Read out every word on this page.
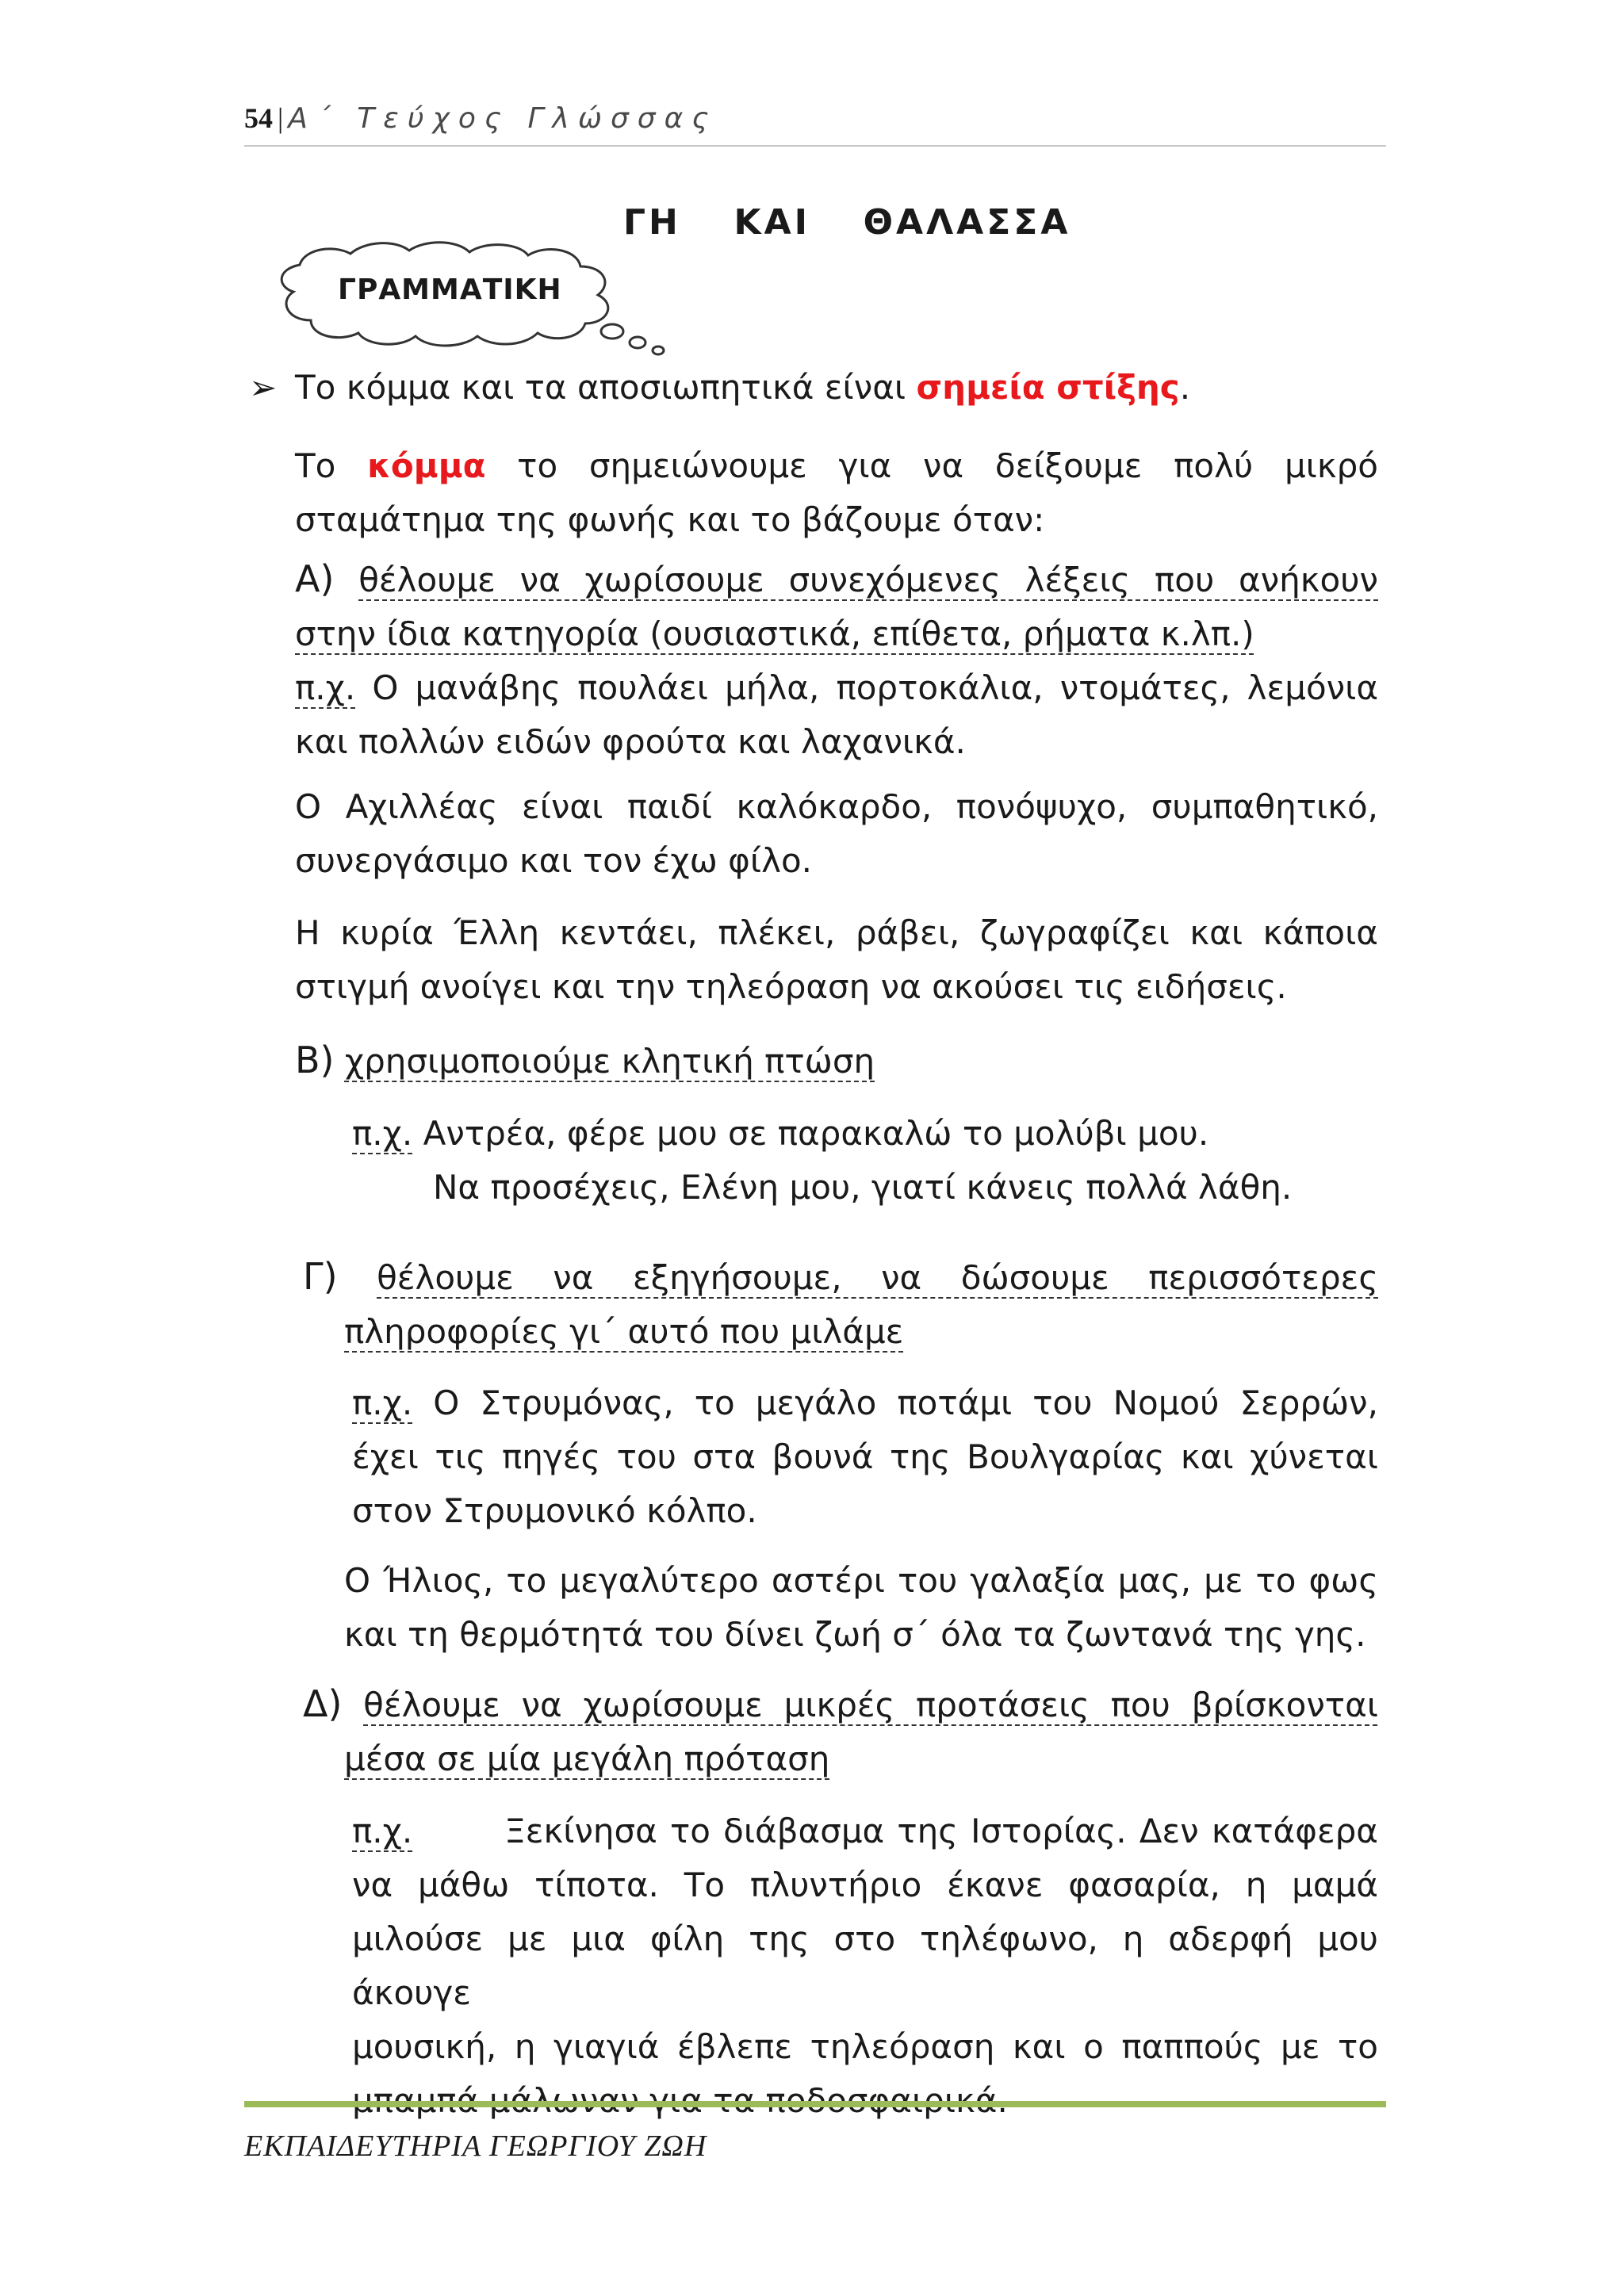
54 | Α΄ Τεύχος Γλώσσας
ΓΗ  ΚΑΙ  ΘΑΛΑΣΣΑ
ΓΡΑΜΜΑΤΙΚΗ
➢ Το κόμμα και τα αποσιωπητικά είναι σημεία στίξης.
Το κόμμα το σημειώνουμε για να δείξουμε πολύ μικρό
σταμάτημα της φωνής και το βάζουμε όταν:
Α) θέλουμε να χωρίσουμε συνεχόμενες λέξεις που ανήκουν
στην ίδια κατηγορία (ουσιαστικά, επίθετα, ρήματα κ.λπ.)
π.χ. Ο μανάβης πουλάει μήλα, πορτοκάλια, ντομάτες, λεμόνια
και πολλών ειδών φρούτα και λαχανικά.
Ο Αχιλλέας είναι παιδί καλόκαρδο, πονόψυχο, συμπαθητικό,
συνεργάσιμο και τον έχω φίλο.
Η κυρία Έλλη κεντάει, πλέκει, ράβει, ζωγραφίζει και κάποια
στιγμή ανοίγει και την τηλεόραση να ακούσει τις ειδήσεις.
Β) χρησιμοποιούμε κλητική πτώση
π.χ. Αντρέα, φέρε μου σε παρακαλώ το μολύβι μου.
Να προσέχεις, Ελένη μου, γιατί κάνεις πολλά λάθη.
Γ) θέλουμε να εξηγήσουμε, να δώσουμε περισσότερες
πληροφορίες γι΄ αυτό που μιλάμε
π.χ. Ο Στρυμόνας, το μεγάλο ποτάμι του Νομού Σερρών,
έχει τις πηγές του στα βουνά της Βουλγαρίας και χύνεται
στον Στρυμονικό κόλπο.
Ο Ήλιος, το μεγαλύτερο αστέρι του γαλαξία μας, με το φως
και τη θερμότητά του δίνει ζωή σ΄ όλα τα ζωντανά της γης.
Δ) θέλουμε να χωρίσουμε μικρές προτάσεις που βρίσκονται
μέσα σε μία μεγάλη πρόταση
π.χ.	Ξεκίνησα το διάβασμα της Ιστορίας. Δεν κατάφερα
να μάθω τίποτα. Το πλυντήριο έκανε φασαρία, η μαμά
μιλούσε με μια φίλη της στο τηλέφωνο, η αδερφή μου άκουγε
μουσική, η γιαγιά έβλεπε τηλεόραση και ο παππούς με το
ΕΚΠΑΙΔΕΥΤΗΡΙΑ ΓΕΩΡΓΙΟΥ ΖΩΗ
